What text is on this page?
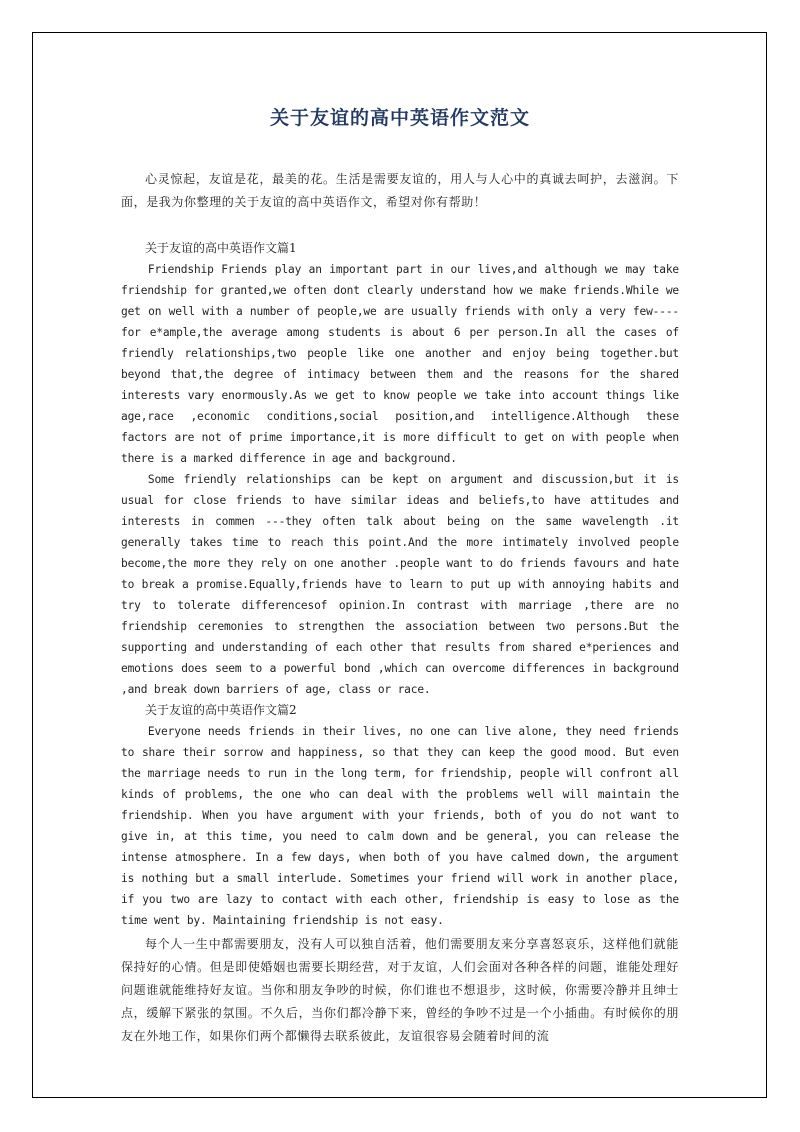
关于友谊的高中英语作文范文

心灵惊起，友谊是花，最美的花。生活是需要友谊的，用人与人心中的真诚去呵护，去滋润。下面，是我为你整理的关于友谊的高中英语作文，希望对你有帮助！

关于友谊的高中英语作文篇1

Friendship Friends play an important part in our lives,and although we may take friendship for granted,we often dont clearly understand how we make friends.While we get on well with a number of people,we are usually friends with only a very few----for e*ample,the average among students is about 6 per person.In all the cases of friendly relationships,two people like one another and enjoy being together.but beyond that,the degree of intimacy between them and the reasons for the shared interests vary enormously.As we get to know people we take into account things like age,race ,economic conditions,social position,and intelligence.Although these factors are not of prime importance,it is more difficult to get on with people when there is a marked difference in age and background.

Some friendly relationships can be kept on argument and discussion,but it is usual for close friends to have similar ideas and beliefs,to have attitudes and interests in commen ---they often talk about being on the same wavelength .it generally takes time to reach this point.And the more intimately involved people become,the more they rely on one another .people want to do friends favours and hate to break a promise.Equally,friends have to learn to put up with annoying habits and try to tolerate differencesof opinion.In contrast with marriage ,there are no friendship ceremonies to strengthen the association between two persons.But the supporting and understanding of each other that results from shared e*periences and emotions does seem to a powerful bond ,which can overcome differences in background ,and break down barriers of age, class or race.

关于友谊的高中英语作文篇2

Everyone needs friends in their lives, no one can live alone, they need friends to share their sorrow and happiness, so that they can keep the good mood. But even the marriage needs to run in the long term, for friendship, people will confront all kinds of problems, the one who can deal with the problems well will maintain the friendship. When you have argument with your friends, both of you do not want to give in, at this time, you need to calm down and be general, you can release the intense atmosphere. In a few days, when both of you have calmed down, the argument is nothing but a small interlude. Sometimes your friend will work in another place, if you two are lazy to contact with each other, friendship is easy to lose as the time went by. Maintaining friendship is not easy.

每个人一生中都需要朋友，没有人可以独自活着，他们需要朋友来分享喜怒哀乐，这样他们就能保持好的心情。但是即使婚姻也需要长期经营，对于友谊，人们会面对各种各样的问题，谁能处理好问题谁就能维持好友谊。当你和朋友争吵的时候，你们谁也不想退步，这时候，你需要冷静并且绅士点，缓解下紧张的氛围。不久后，当你们都冷静下来，曾经的争吵不过是一个小插曲。有时候你的朋友在外地工作，如果你们两个都懒得去联系彼此，友谊很容易会随着时间的流
